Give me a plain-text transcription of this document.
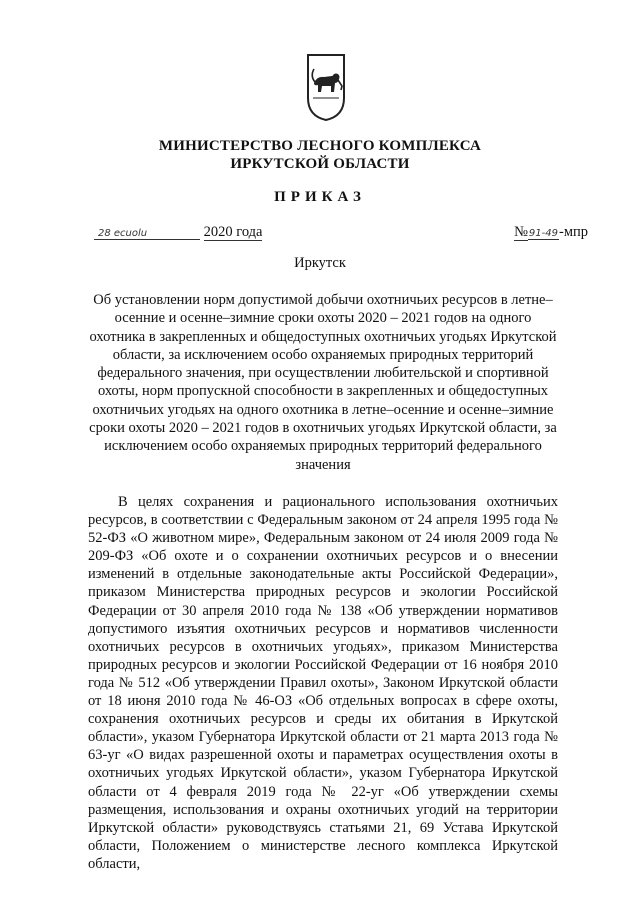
МИНИСТЕРСТВО ЛЕСНОГО КОМПЛЕКСА
ИРКУТСКОЙ ОБЛАСТИ
ПРИКАЗ
28 ecuolu	2020 года	№91-49-мпр
Иркутск
Об установлении норм допустимой добычи охотничьих ресурсов в летне–осенние и осенне–зимние сроки охоты 2020 – 2021 годов на одного охотника в закрепленных и общедоступных охотничьих угодьях Иркутской области, за исключением особо охраняемых природных территорий федерального значения, при осуществлении любительской и спортивной охоты, норм пропускной способности в закрепленных и общедоступных охотничьих угодьях на одного охотника в летне–осенние и осенне–зимние сроки охоты 2020 – 2021 годов в охотничьих угодьях Иркутской области, за исключением особо охраняемых природных территорий федерального значения
В целях сохранения и рационального использования охотничьих ресурсов, в соответствии с Федеральным законом от 24 апреля 1995 года № 52-ФЗ «О животном мире», Федеральным законом от 24 июля 2009 года № 209-ФЗ «Об охоте и о сохранении охотничьих ресурсов и о внесении изменений в отдельные законодательные акты Российской Федерации», приказом Министерства природных ресурсов и экологии Российской Федерации от 30 апреля 2010 года № 138 «Об утверждении нормативов допустимого изъятия охотничьих ресурсов и нормативов численности охотничьих ресурсов в охотничьих угодьях», приказом Министерства природных ресурсов и экологии Российской Федерации от 16 ноября 2010 года № 512 «Об утверждении Правил охоты», Законом Иркутской области от 18 июня 2010 года № 46-ОЗ «Об отдельных вопросах в сфере охоты, сохранения охотничьих ресурсов и среды их обитания в Иркутской области», указом Губернатора Иркутской области от 21 марта 2013 года № 63-уг «О видах разрешенной охоты и параметрах осуществления охоты в охотничьих угодьях Иркутской области», указом Губернатора Иркутской области от 4 февраля 2019 года № 22-уг «Об утверждении схемы размещения, использования и охраны охотничьих угодий на территории Иркутской области» руководствуясь статьями 21, 69 Устава Иркутской области, Положением о министерстве лесного комплекса Иркутской области,
